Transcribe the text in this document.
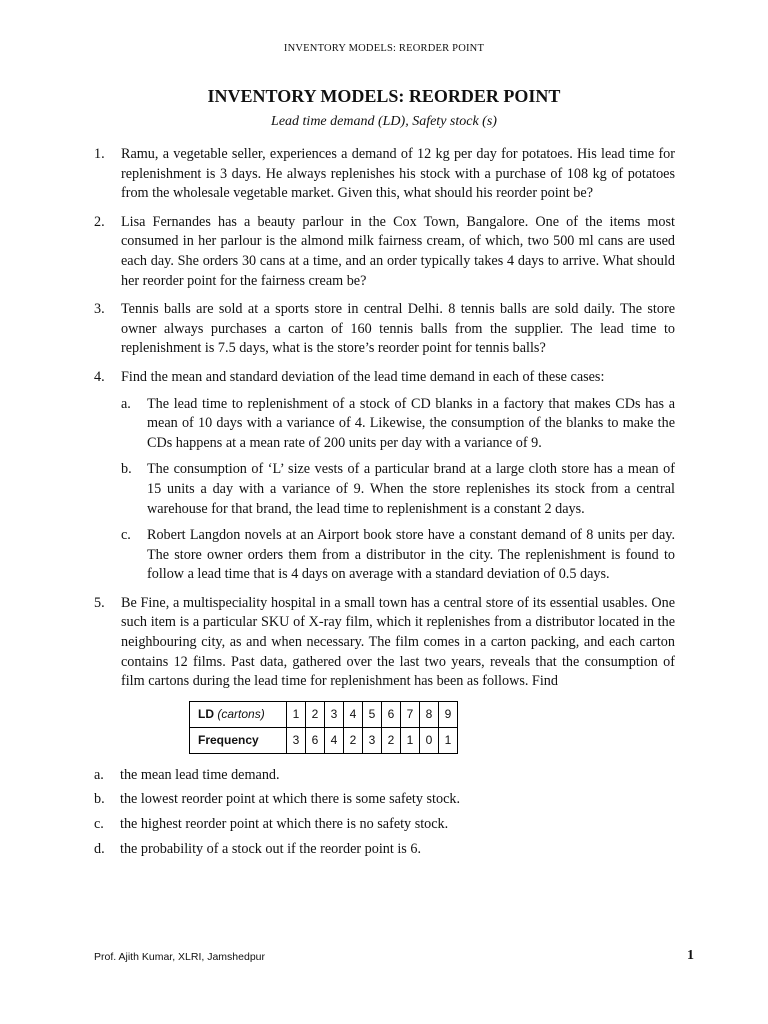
INVENTORY MODELS: REORDER POINT
INVENTORY MODELS: REORDER POINT
Lead time demand (LD), Safety stock (s)
1. Ramu, a vegetable seller, experiences a demand of 12 kg per day for potatoes. His lead time for replenishment is 3 days. He always replenishes his stock with a purchase of 108 kg of potatoes from the wholesale vegetable market. Given this, what should his reorder point be?
2. Lisa Fernandes has a beauty parlour in the Cox Town, Bangalore. One of the items most consumed in her parlour is the almond milk fairness cream, of which, two 500 ml cans are used each day. She orders 30 cans at a time, and an order typically takes 4 days to arrive. What should her reorder point for the fairness cream be?
3. Tennis balls are sold at a sports store in central Delhi. 8 tennis balls are sold daily. The store owner always purchases a carton of 160 tennis balls from the supplier. The lead time to replenishment is 7.5 days, what is the store’s reorder point for tennis balls?
4. Find the mean and standard deviation of the lead time demand in each of these cases:
a. The lead time to replenishment of a stock of CD blanks in a factory that makes CDs has a mean of 10 days with a variance of 4. Likewise, the consumption of the blanks to make the CDs happens at a mean rate of 200 units per day with a variance of 9.
b. The consumption of ‘L’ size vests of a particular brand at a large cloth store has a mean of 15 units a day with a variance of 9. When the store replenishes its stock from a central warehouse for that brand, the lead time to replenishment is a constant 2 days.
c. Robert Langdon novels at an Airport book store have a constant demand of 8 units per day. The store owner orders them from a distributor in the city. The replenishment is found to follow a lead time that is 4 days on average with a standard deviation of 0.5 days.
5. Be Fine, a multispeciality hospital in a small town has a central store of its essential usables. One such item is a particular SKU of X-ray film, which it replenishes from a distributor located in the neighbouring city, as and when necessary. The film comes in a carton packing, and each carton contains 12 films. Past data, gathered over the last two years, reveals that the consumption of film cartons during the lead time for replenishment has been as follows. Find
LD (cartons)	1	2	3	4	5	6	7	8	9
Frequency	3	6	4	2	3	2	1	0	1
a. the mean lead time demand.
b. the lowest reorder point at which there is some safety stock.
c. the highest reorder point at which there is no safety stock.
d. the probability of a stock out if the reorder point is 6.
Prof. Ajith Kumar, XLRI, Jamshedpur	1
